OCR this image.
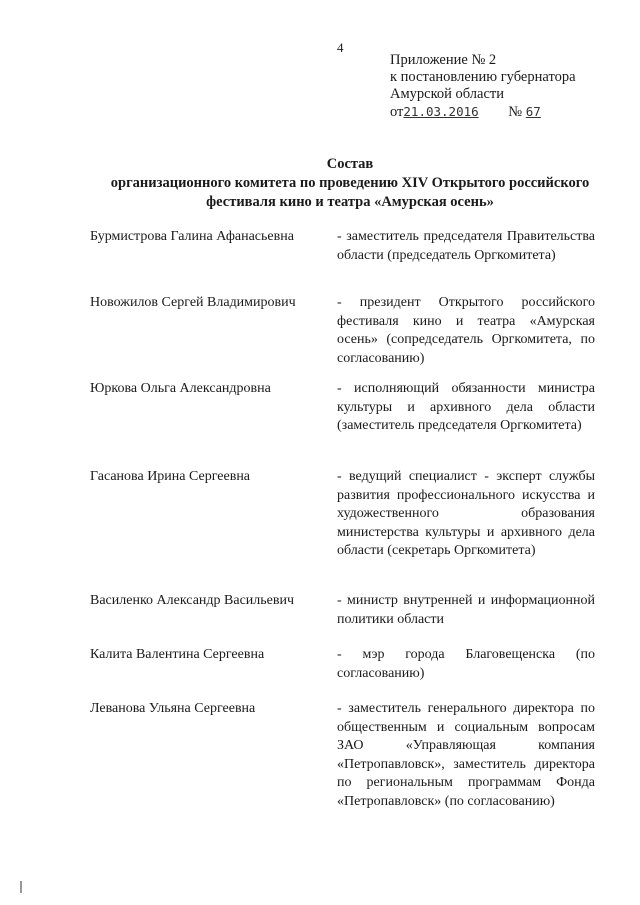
4
Приложение № 2
к постановлению губернатора
Амурской области
от21.03.2016 № 67
Состав
организационного комитета по проведению XIV Открытого российского
фестиваля кино и театра «Амурская осень»
Бурмистрова Галина Афанасьевна	- заместитель председателя Правительства области (председатель Оргкомитета)
Новожилов Сергей Владимирович	- президент Открытого российского фестиваля кино и театра «Амурская осень» (сопредседатель Оргкомитета, по согласованию)
Юркова Ольга Александровна	- исполняющий обязанности министра культуры и архивного дела области (заместитель председателя Оргкомитета)
Гасанова Ирина Сергеевна	- ведущий специалист - эксперт службы развития профессионального искусства и художественного образования министерства культуры и архивного дела области (секретарь Оргкомитета)
Василенко Александр Васильевич	- министр внутренней и информационной политики области
Калита Валентина Сергеевна	- мэр города Благовещенска (по согласованию)
Леванова Ульяна Сергеевна	- заместитель генерального директора по общественным и социальным вопросам ЗАО «Управляющая компания «Петропавловск», заместитель директора по региональным программам Фонда «Петропавловск» (по согласованию)
